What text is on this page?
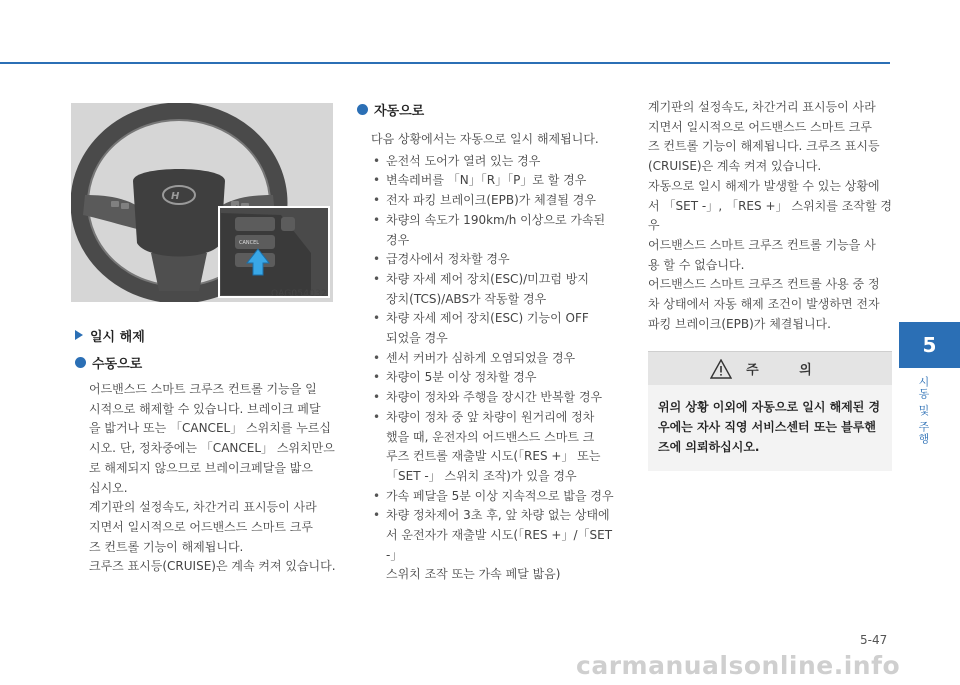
H
CANCEL
OAG054032
일시 해제
수동으로
어드밴스드 스마트 크루즈 컨트롤 기능을 일
시적으로 해제할 수 있습니다. 브레이크 페달
을 밟거나 또는 「CANCEL」 스위치를 누르십
시오. 단, 정차중에는 「CANCEL」 스위치만으
로 해제되지 않으므로 브레이크페달을 밟으
십시오.
계기판의 설정속도, 차간거리 표시등이 사라
지면서 일시적으로 어드밴스드 스마트 크루
즈 컨트롤 기능이 해제됩니다.
크루즈 표시등(CRUISE)은 계속 켜져 있습니다.
자동으로
다음 상황에서는 자동으로 일시 해제됩니다.
• 운전석 도어가 열려 있는 경우
• 변속레버를 「N」「R」「P」로 할 경우
• 전자 파킹 브레이크(EPB)가 체결될 경우
• 차량의 속도가 190km/h 이상으로 가속된
경우
• 급경사에서 정차할 경우
• 차량 자세 제어 장치(ESC)/미끄럼 방지
장치(TCS)/ABS가 작동할 경우
• 차량 자세 제어 장치(ESC) 기능이 OFF
되었을 경우
• 센서 커버가 심하게 오염되었을 경우
• 차량이 5분 이상 정차할 경우
• 차량이 정차와 주행을 장시간 반복할 경우
• 차량이 정차 중 앞 차량이 원거리에 정차
했을 때, 운전자의 어드밴스드 스마트 크
루즈 컨트롤 재출발 시도(「RES +」 또는
「SET -」 스위치 조작)가 있을 경우
• 가속 페달을 5분 이상 지속적으로 밟을 경우
• 차량 정차제어 3초 후, 앞 차량 없는 상태에
서 운전자가 재출발 시도(「RES +」/「SET -」
스위치 조작 또는 가속 페달 밟음)
계기판의 설정속도, 차간거리 표시등이 사라
지면서 일시적으로 어드밴스드 스마트 크루
즈 컨트롤 기능이 해제됩니다. 크루즈 표시등
(CRUISE)은 계속 켜져 있습니다.
자동으로 일시 해제가 발생할 수 있는 상황에
서 「SET -」, 「RES +」 스위치를 조작할 경우
어드밴스드 스마트 크루즈 컨트롤 기능을 사
용 할 수 없습니다.
어드밴스드 스마트 크루즈 컨트롤 사용 중 정
차 상태에서 자동 해제 조건이 발생하면 전자
파킹 브레이크(EPB)가 체결됩니다.
주 의
위의 상황 이외에 자동으로 일시 해제된 경
우에는 자사 직영 서비스센터 또는 블루핸
즈에 의뢰하십시오.
5
시동 및 주행
5-47
carmanualsonline.info
